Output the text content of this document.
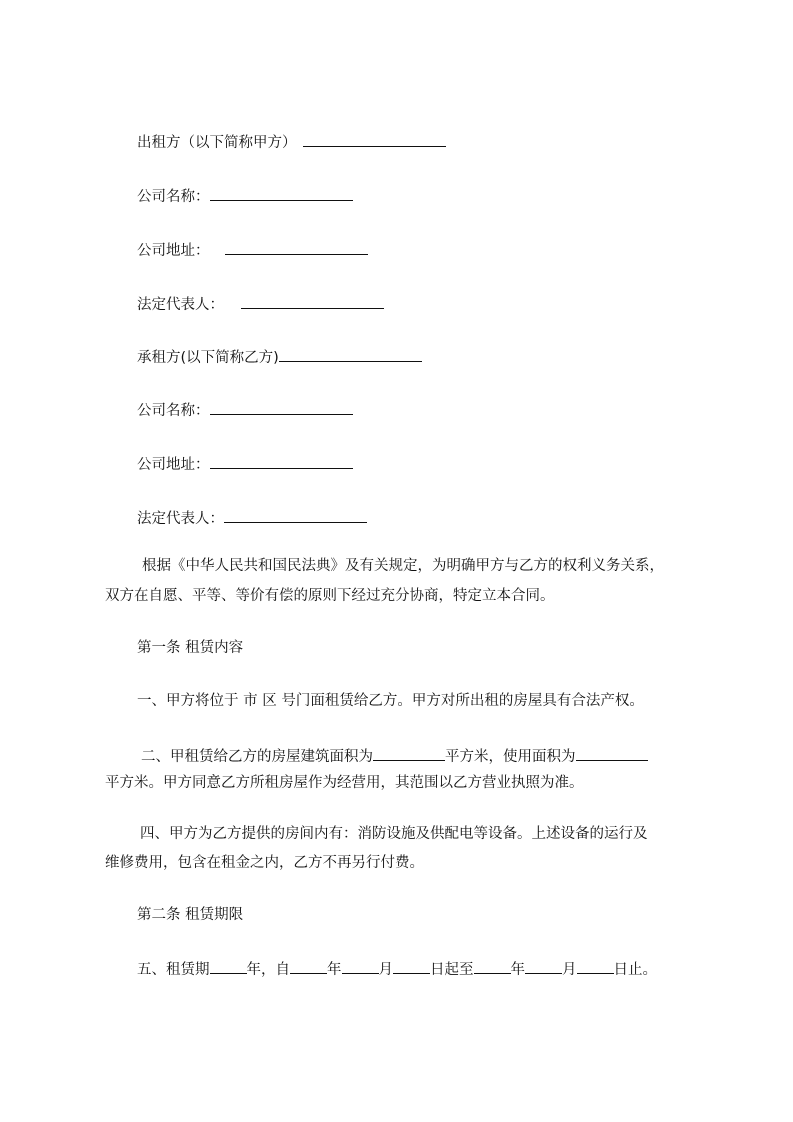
出租方（以下简称甲方）
公司名称：
公司地址：
法定代表人：
承租方(以下简称乙方)
公司名称：
公司地址：
法定代表人：
根据《中华人民共和国民法典》及有关规定，为明确甲方与乙方的权利义务关系，
双方在自愿、平等、等价有偿的原则下经过充分协商，特定立本合同。
第一条 租赁内容
一、甲方将位于 市 区 号门面租赁给乙方。甲方对所出租的房屋具有合法产权。
二、甲租赁给乙方的房屋建筑面积为	平方米，使用面积为
平方米。甲方同意乙方所租房屋作为经营用，其范围以乙方营业执照为准。
四、甲方为乙方提供的房间内有：消防设施及供配电等设备。上述设备的运行及
维修费用，包含在租金之内，乙方不再另行付费。
第二条 租赁期限
五、租赁期	年，自	年	月	日起至	年	月	日止。
